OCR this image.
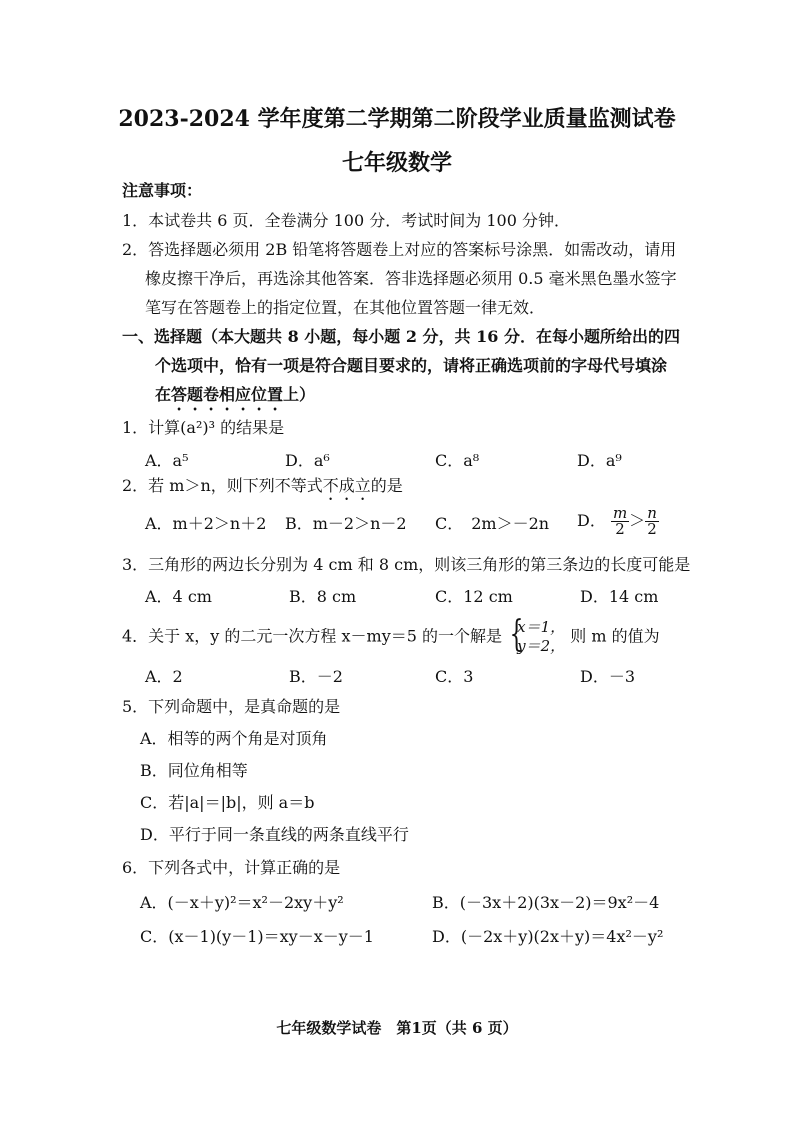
2023-2024 学年度第二学期第二阶段学业质量监测试卷
七年级数学
注意事项：
1．本试卷共 6 页．全卷满分 100 分．考试时间为 100 分钟．
2．答选择题必须用 2B 铅笔将答题卷上对应的答案标号涂黑．如需改动，请用
橡皮擦干净后，再选涂其他答案．答非选择题必须用 0.5 毫米黑色墨水签字
笔写在答题卷上的指定位置，在其他位置答题一律无效．
一、选择题（本大题共 8 小题，每小题 2 分，共 16 分．在每小题所给出的四
个选项中，恰有一项是符合题目要求的，请将正确选项前的字母代号填涂
在答题卷相应位置上）
1．计算(a²)³ 的结果是
A．a⁵	D．a⁶	C．a⁸	D．a⁹
2．若 m＞n，则下列不等式不成立的是
A．m＋2＞n＋2 B．m－2＞n－2 C．　2m＞－2n D． $\frac{m}{2} > \frac{n}{2}$
3．三角形的两边长分别为 4 cm 和 8 cm，则该三角形的第三条边的长度可能是
A．4 cm	B．8 cm	C．12 cm	D．14 cm
4．关于 x，y 的二元一次方程 x－my＝5 的一个解是 {
x＝1，
y＝2，
则 m 的值为
A．2	B．－2	C．3	D．－3
5．下列命题中，是真命题的是
A．相等的两个角是对顶角
B．同位角相等
C．若|a|＝|b|，则 a＝b
D．平行于同一条直线的两条直线平行
6．下列各式中，计算正确的是
A．(－x＋y)²＝x²－2xy＋y²	B．(－3x＋2)(3x－2)＝9x²－4
C．(x－1)(y－1)＝xy－x－y－1	D．(－2x＋y)(2x＋y)＝4x²－y²
七年级数学试卷　第1页（共 6 页）
